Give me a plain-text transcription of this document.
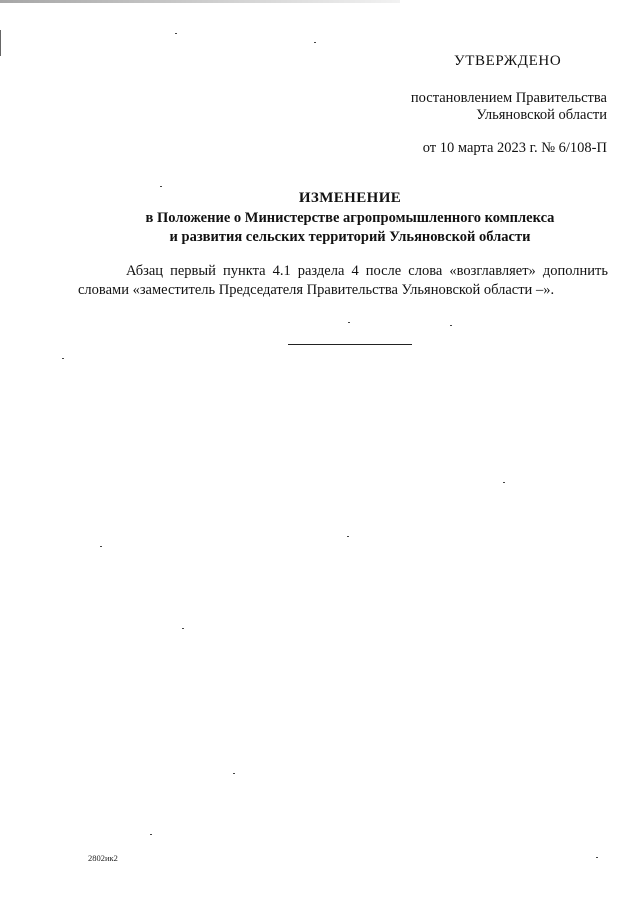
УТВЕРЖДЕНО
постановлением Правительства
Ульяновской области
от 10 марта 2023 г. № 6/108-П
ИЗМЕНЕНИЕ
в Положение о Министерстве агропромышленного комплекса
и развития сельских территорий Ульяновской области
Абзац первый пункта 4.1 раздела 4 после слова «возглавляет» дополнить словами «заместитель Председателя Правительства Ульяновской области –».
2802ик2
